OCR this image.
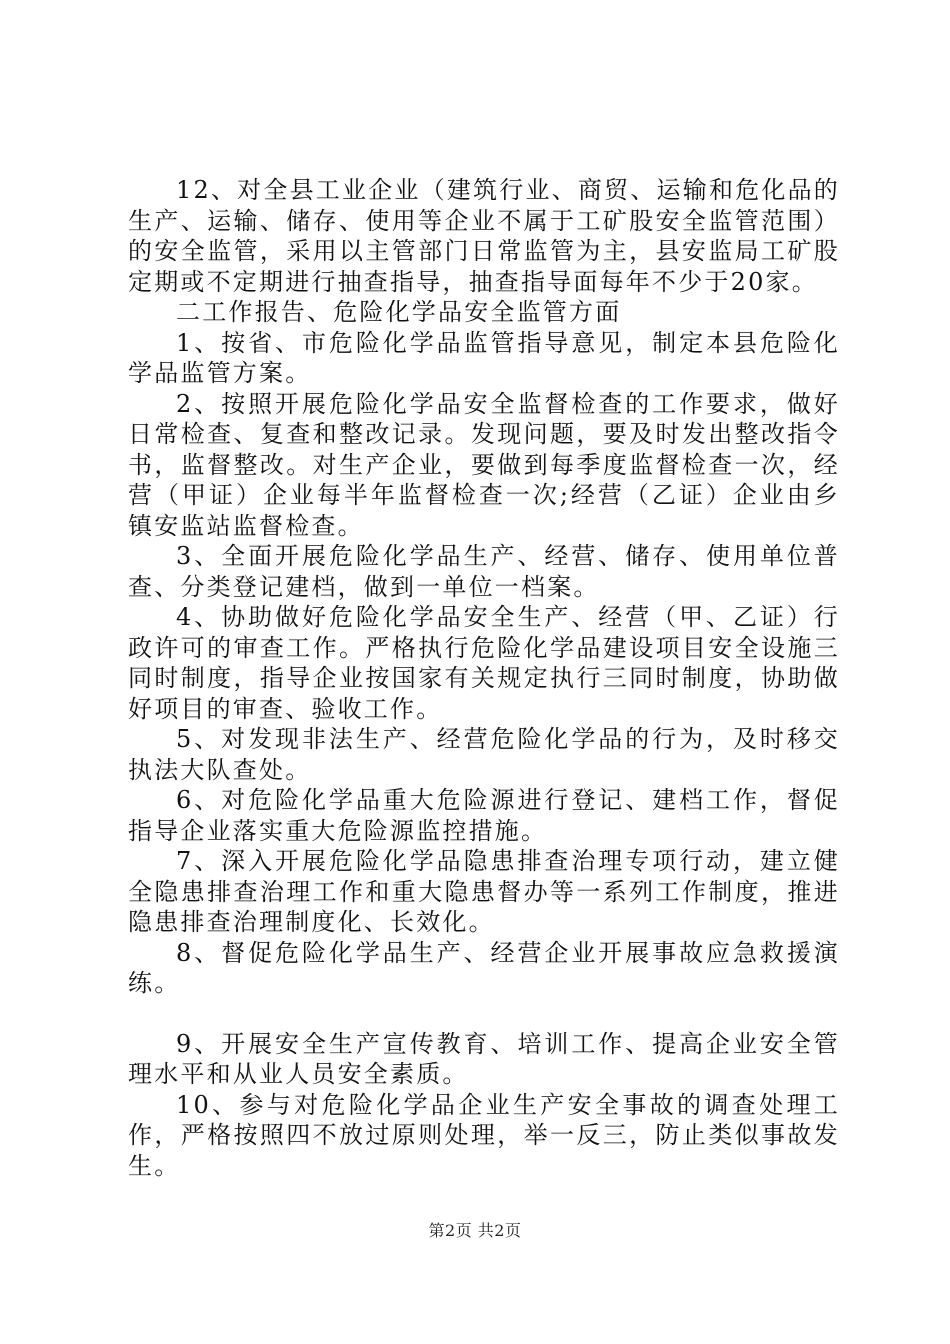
12、对全县工业企业（建筑行业、商贸、运输和危化品的生产、运输、储存、使用等企业不属于工矿股安全监管范围）的安全监管，采用以主管部门日常监管为主，县安监局工矿股定期或不定期进行抽查指导，抽查指导面每年不少于20家。

二工作报告、危险化学品安全监管方面

1、按省、市危险化学品监管指导意见，制定本县危险化学品监管方案。

2、按照开展危险化学品安全监督检查的工作要求，做好日常检查、复查和整改记录。发现问题，要及时发出整改指令书，监督整改。对生产企业，要做到每季度监督检查一次，经营（甲证）企业每半年监督检查一次;经营（乙证）企业由乡镇安监站监督检查。

3、全面开展危险化学品生产、经营、储存、使用单位普查、分类登记建档，做到一单位一档案。

4、协助做好危险化学品安全生产、经营（甲、乙证）行政许可的审查工作。严格执行危险化学品建设项目安全设施三同时制度，指导企业按国家有关规定执行三同时制度，协助做好项目的审查、验收工作。

5、对发现非法生产、经营危险化学品的行为，及时移交执法大队查处。

6、对危险化学品重大危险源进行登记、建档工作，督促指导企业落实重大危险源监控措施。

7、深入开展危险化学品隐患排查治理专项行动，建立健全隐患排查治理工作和重大隐患督办等一系列工作制度，推进隐患排查治理制度化、长效化。

8、督促危险化学品生产、经营企业开展事故应急救援演练。

9、开展安全生产宣传教育、培训工作、提高企业安全管理水平和从业人员安全素质。

10、参与对危险化学品企业生产安全事故的调查处理工作，严格按照四不放过原则处理，举一反三，防止类似事故发生。

第2页 共2页
